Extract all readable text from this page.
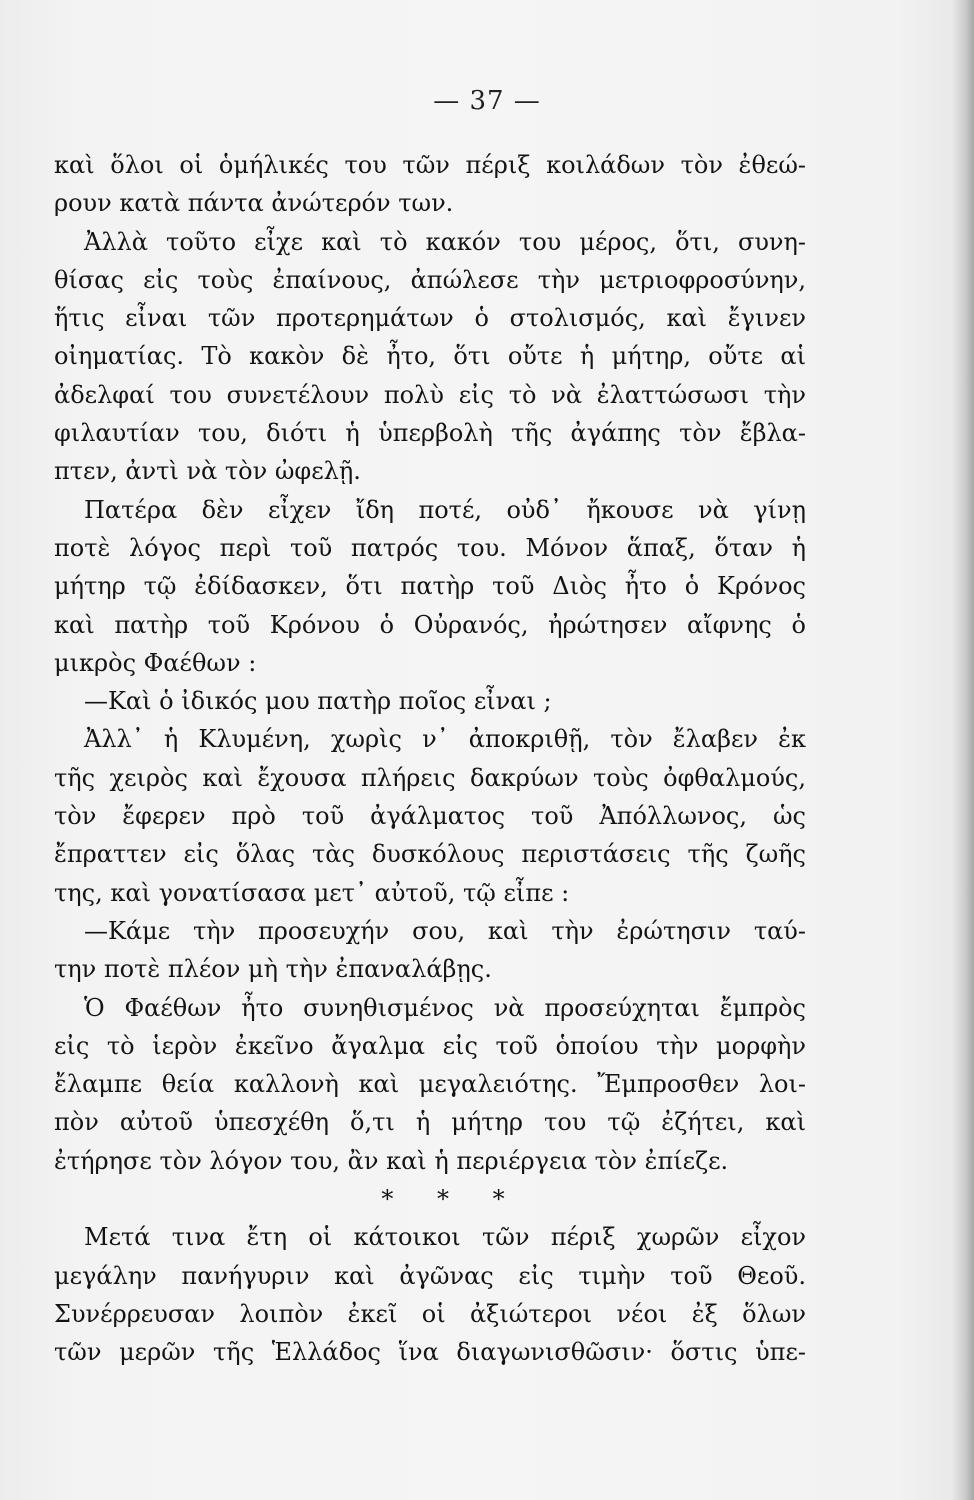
— 37 —

καὶ ὅλοι οἱ ὁμήλικές του τῶν πέριξ κοιλάδων τὸν ἐθεώ-
ρουν κατὰ πάντα ἀνώτερόν των.

Ἀλλὰ τοῦτο εἶχε καὶ τὸ κακόν του μέρος, ὅτι, συνη-
θίσας εἰς τοὺς ἐπαίνους, ἀπώλεσε τὴν μετριοφροσύνην,
ἥτις εἶναι τῶν προτερημάτων ὁ στολισμός, καὶ ἔγινεν
οἰηματίας. Τὸ κακὸν δὲ ἦτο, ὅτι οὔτε ἡ μήτηρ, οὔτε αἱ
ἀδελφαί του συνετέλουν πολὺ εἰς τὸ νὰ ἐλαττώσωσι τὴν
φιλαυτίαν του, διότι ἡ ὑπερβολὴ τῆς ἀγάπης τὸν ἔβλα-
πτεν, ἀντὶ νὰ τὸν ὠφελῇ.

Πατέρα δὲν εἶχεν ἴδη ποτέ, οὐδ᾽ ἤκουσε νὰ γίνῃ
ποτὲ λόγος περὶ τοῦ πατρός του. Μόνον ἅπαξ, ὅταν ἡ
μήτηρ τῷ ἐδίδασκεν, ὅτι πατὴρ τοῦ Διὸς ἦτο ὁ Κρόνος
καὶ πατὴρ τοῦ Κρόνου ὁ Οὐρανός, ἠρώτησεν αἴφνης ὁ
μικρὸς Φαέθων :

—Καὶ ὁ ἰδικός μου πατὴρ ποῖος εἶναι ;

Ἀλλ᾽ ἡ Κλυμένη, χωρὶς ν᾽ ἀποκριθῇ, τὸν ἔλαβεν ἐκ
τῆς χειρὸς καὶ ἔχουσα πλήρεις δακρύων τοὺς ὀφθαλμούς,
τὸν ἔφερεν πρὸ τοῦ ἀγάλματος τοῦ Ἀπόλλωνος, ὡς
ἔπραττεν εἰς ὅλας τὰς δυσκόλους περιστάσεις τῆς ζωῆς
της, καὶ γονατίσασα μετ᾽ αὐτοῦ, τῷ εἶπε :

—Κάμε τὴν προσευχήν σου, καὶ τὴν ἐρώτησιν ταύ-
την ποτὲ πλέον μὴ τὴν ἐπαναλάβῃς.

Ὁ Φαέθων ἦτο συνηθισμένος νὰ προσεύχηται ἔμπρὸς
εἰς τὸ ἱερὸν ἐκεῖνο ἄγαλμα εἰς τοῦ ὁποίου τὴν μορφὴν
ἔλαμπε θεία καλλονὴ καὶ μεγαλειότης. Ἔμπροσθεν λοι-
πὸν αὐτοῦ ὑπεσχέθη ὅ,τι ἡ μήτηρ του τῷ ἐζήτει, καὶ
ἐτήρησε τὸν λόγον του, ἂν καὶ ἡ περιέργεια τὸν ἐπίεζε.

* * *

Μετά τινα ἔτη οἱ κάτοικοι τῶν πέριξ χωρῶν εἶχον
μεγάλην πανήγυριν καὶ ἀγῶνας εἰς τιμὴν τοῦ Θεοῦ.
Συνέρρευσαν λοιπὸν ἐκεῖ οἱ ἀξιώτεροι νέοι ἐξ ὅλων
τῶν μερῶν τῆς Ἑλλάδος ἵνα διαγωνισθῶσιν· ὅστις ὑπε-
